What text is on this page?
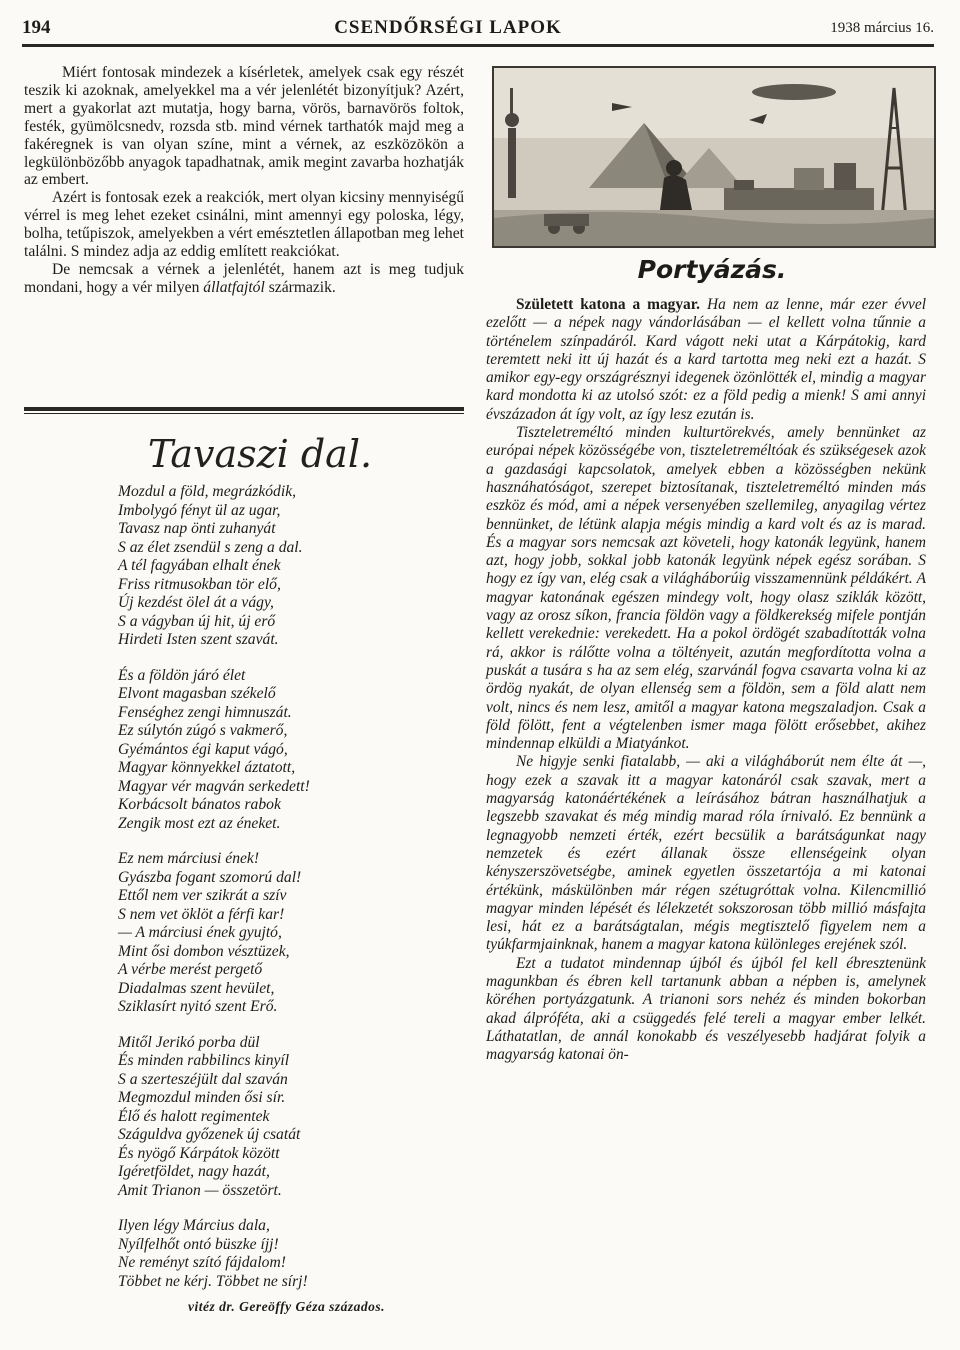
194	CSENDŐRSÉGI LAPOK	1938 március 16.

Miért fontosak mindezek a kísérletek, amelyek csak egy részét teszik ki azoknak, amelyekkel ma a vér jelenlétét bizonyítjuk? Azért, mert a gyakorlat azt mutatja, hogy barna, vörös, barnavörös foltok, festék, gyümölcsnedv, rozsda stb. mind vérnek tarthatók majd meg a fakéregnek is van olyan színe, mint a vérnek, az eszközökön a legkülönbözőbb anyagok tapadhatnak, amik megint zavarba hozhatják az embert.

Azért is fontosak ezek a reakciók, mert olyan kicsiny mennyiségű vérrel is meg lehet ezeket csinálni, mint amennyi egy poloska, légy, bolha, tetűpiszok, amelyekben a vért emésztetlen állapotban meg lehet találni. S mindez adja az eddig említett reakciókat.

De nemcsak a vérnek a jelenlétét, hanem azt is meg tudjuk mondani, hogy a vér milyen állatfajtól származik.

Tavaszi dal.
Mozdul a föld, megrázkódik,
Imbolygó fényt ül az ugar,
Tavasz nap önti zuhanyát
S az élet zsendül s zeng a dal.
A tél fagyában elhalt ének
Friss ritmusokban tör elő,
Új kezdést ölel át a vágy,
S a vágyban új hit, új erő
Hirdeti Isten szent szavát.
És a földön járó élet
Elvont magasban székelő
Fenséghez zengi himnuszát.
Ez súlytón zúgó s vakmerő,
Gyémántos égi kaput vágó,
Magyar könnyekkel áztatott,
Magyar vér magván serkedett!
Korbácsolt bánatos rabok
Zengik most ezt az éneket.
Ez nem márciusi ének!
Gyászba fogant szomorú dal!
Ettől nem ver szikrát a szív
S nem vet öklöt a férfi kar!
— A márciusi ének gyujtó,
Mint ősi dombon vésztüzek,
A vérbe merést pergető
Diadalmas szent hevület,
Sziklasírt nyitó szent Erő.
Mitől Jerikó porba dül
És minden rabbilincs kinyíl
S a szerteszéjült dal szaván
Megmozdul minden ősi sír.
Élő és halott regimentek
Száguldva győzenek új csatát
És nyögő Kárpátok között
Igéretföldet, nagy hazát,
Amit Trianon — összetört.
Ilyen légy Március dala,
Nyílfelhőt ontó büszke íjj!
Ne reményt szító fájdalom!
Többet ne kérj. Többet ne sírj!
vitéz dr. Gereöffy Géza százados.
Portyázás.

Született katona a magyar. Ha nem az lenne, már ezer évvel ezelőtt — a népek nagy vándorlásában — el kellett volna tűnnie a történelem színpadáról. Kard vágott neki utat a Kárpátokig, kard teremtett neki itt új hazát és a kard tartotta meg neki ezt a hazát. S amikor egy-egy országrésznyi idegenek özönlötték el, mindig a magyar kard mondotta ki az utolsó szót: ez a föld pedig a mienk! S ami annyi évszázadon át így volt, az így lesz ezután is.

Tiszteletreméltó minden kulturtörekvés, amely bennünket az európai népek közösségébe von, tiszteletreméltóak és szükségesek azok a gazdasági kapcsolatok, amelyek ebben a közösségben nekünk hasznáhatóságot, szerepet biztosítanak, tiszteletreméltó minden más eszköz és mód, ami a népek versenyében szellemileg, anyagilag vértez bennünket, de létünk alapja mégis mindig a kard volt és az is marad. És a magyar sors nemcsak azt követeli, hogy katonák legyünk, hanem azt, hogy jobb, sokkal jobb katonák legyünk népek egész sorában. S hogy ez így van, elég csak a világháborúig visszamennünk példákért. A magyar katonának egészen mindegy volt, hogy olasz sziklák között, vagy az orosz síkon, francia földön vagy a földkerekség mifele pontján kellett verekednie: verekedett. Ha a pokol ördögét szabadították volna rá, akkor is rálőtte volna a töltényeit, azután megfordította volna a puskát a tusára s ha az sem elég, szarvánál fogva csavarta volna ki az ördög nyakát, de olyan ellenség sem a földön, sem a föld alatt nem volt, nincs és nem lesz, amitől a magyar katona megszaladjon. Csak a föld fölött, fent a végtelenben ismer maga fölött erősebbet, akihez mindennap elküldi a Miatyánkot.

Ne higyje senki fiatalabb, — aki a világháborút nem élte át —, hogy ezek a szavak itt a magyar katonáról csak szavak, mert a magyarság katonáértékének a leírásához bátran használhatjuk a legszebb szavakat és még mindig marad róla írnivaló. Ez bennünk a legnagyobb nemzeti érték, ezért becsülik a barátságunkat nagy nemzetek és ezért állanak össze ellenségeink olyan kényszerszövetségbe, aminek egyetlen összetartója a mi katonai értékünk, máskülönben már régen szétugróttak volna. Kilencmillió magyar minden lépését és lélekzetét sokszorosan több millió másfajta lesi, hát ez a barátságtalan, mégis megtisztelő figyelem nem a tyúkfarmjainknak, hanem a magyar katona különleges erejének szól.

Ezt a tudatot mindennap újból és újból fel kell ébresztenünk magunkban és ébren kell tartanunk abban a népben is, amelynek köréhen portyázgatunk. A trianoni sors nehéz és minden bokorban akad álpróféta, aki a csüggedés felé tereli a magyar ember lelkét. Láthatatlan, de annál konokabb és veszélyesebb hadjárat folyik a magyarság katonai ön-
